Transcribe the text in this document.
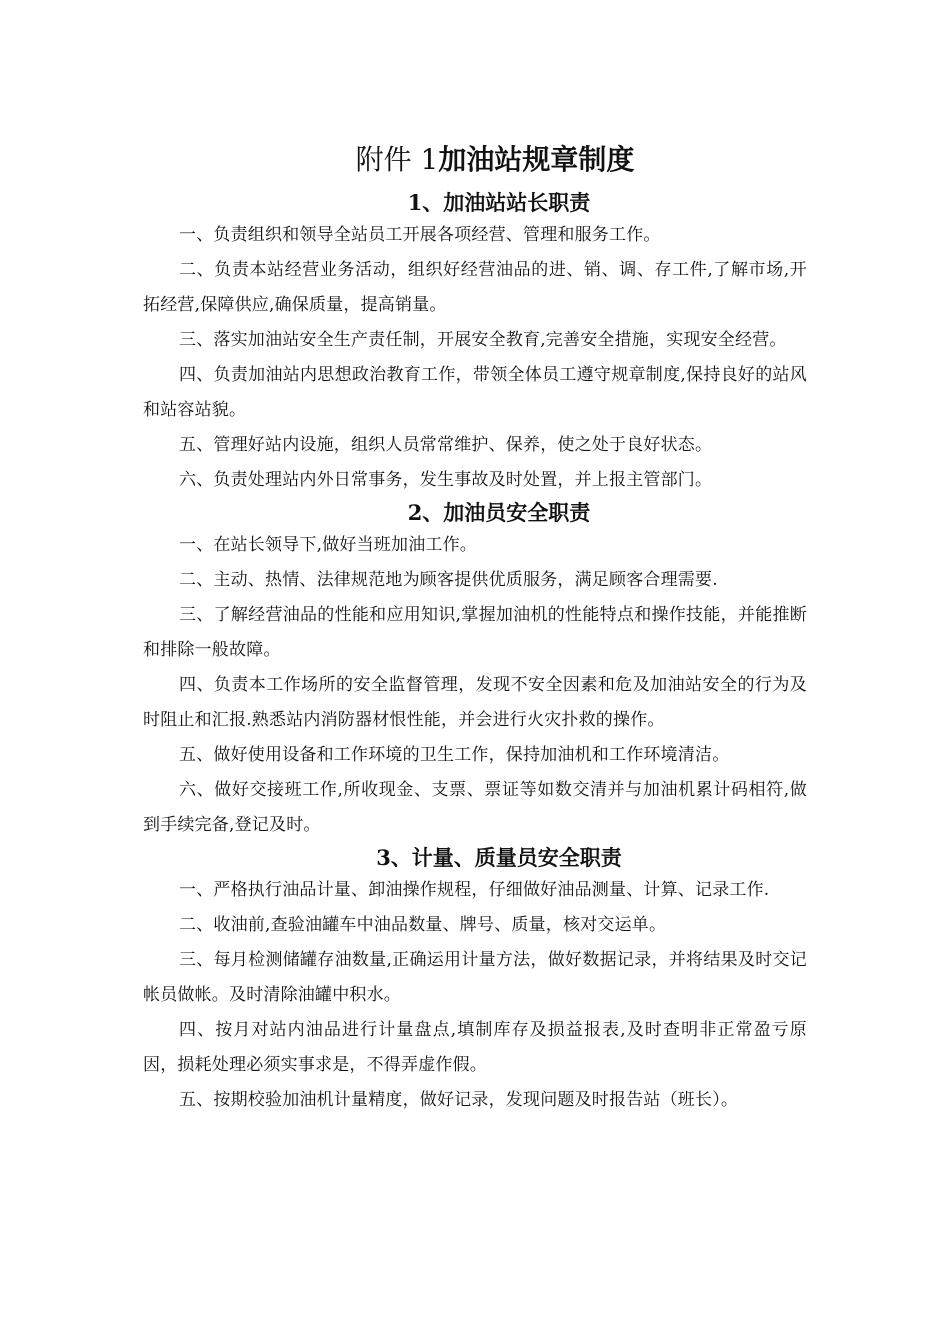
附件 1加油站规章制度
1、加油站站长职责

一、负责组织和领导全站员工开展各项经营、管理和服务工作。

二、负责本站经营业务活动，组织好经营油品的进、销、调、存工件,了解市场,开拓经营,保障供应,确保质量，提高销量。

三、落实加油站安全生产责任制，开展安全教育,完善安全措施，实现安全经营。

四、负责加油站内思想政治教育工作，带领全体员工遵守规章制度,保持良好的站风和站容站貌。

五、管理好站内设施，组织人员常常维护、保养，使之处于良好状态。

六、负责处理站内外日常事务，发生事故及时处置，并上报主管部门。

2、加油员安全职责

一、在站长领导下,做好当班加油工作。

二、主动、热情、法律规范地为顾客提供优质服务，满足顾客合理需要.

三、了解经营油品的性能和应用知识,掌握加油机的性能特点和操作技能，并能推断和排除一般故障。

四、负责本工作场所的安全监督管理，发现不安全因素和危及加油站安全的行为及时阻止和汇报.熟悉站内消防器材恨性能，并会进行火灾扑救的操作。

五、做好使用设备和工作环境的卫生工作，保持加油机和工作环境清洁。

六、做好交接班工作,所收现金、支票、票证等如数交清并与加油机累计码相符,做到手续完备,登记及时。

3、计量、质量员安全职责

一、严格执行油品计量、卸油操作规程，仔细做好油品测量、计算、记录工作.

二、收油前,查验油罐车中油品数量、牌号、质量，核对交运单。

三、每月检测储罐存油数量,正确运用计量方法，做好数据记录，并将结果及时交记帐员做帐。及时清除油罐中积水。

四、按月对站内油品进行计量盘点,填制库存及损益报表,及时查明非正常盈亏原因，损耗处理必须实事求是，不得弄虚作假。

五、按期校验加油机计量精度，做好记录，发现问题及时报告站（班长）。
